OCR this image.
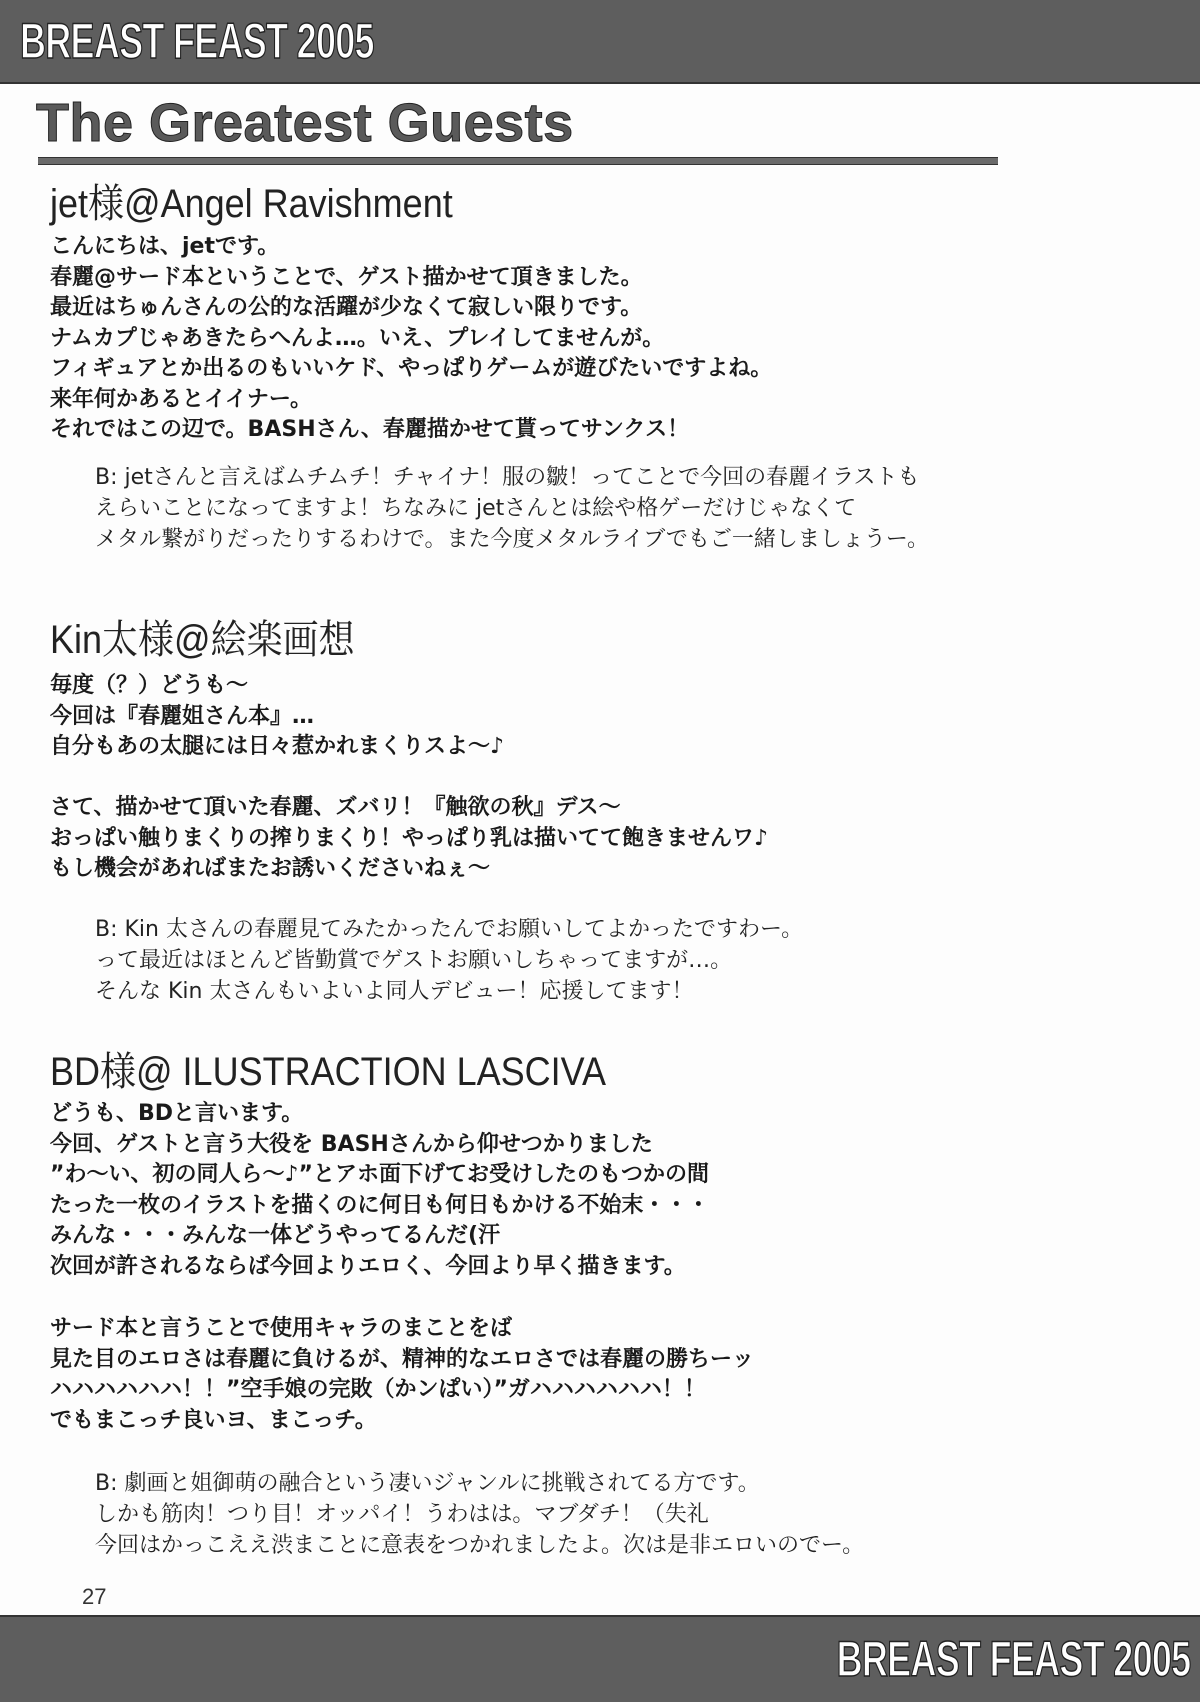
BREAST FEAST 2005
The Greatest Guests
jet様@Angel Ravishment
こんにちは、jetです。
春麗@サード本ということで、ゲスト描かせて頂きました。
最近はちゅんさんの公的な活躍が少なくて寂しい限りです。
ナムカプじゃあきたらへんよ…。いえ、プレイしてませんが。
フィギュアとか出るのもいいケド、やっぱりゲームが遊びたいですよね。
来年何かあるとイイナー。
それではこの辺で。BASHさん、春麗描かせて貰ってサンクス！
B: jetさんと言えばムチムチ！チャイナ！服の皺！ってことで今回の春麗イラストも
えらいことになってますよ！ちなみに jetさんとは絵や格ゲーだけじゃなくて
メタル繋がりだったりするわけで。また今度メタルライブでもご一緒しましょうー。
Kin太様@絵楽画想
毎度（？）どうも～
今回は『春麗姐さん本』…
自分もあの太腿には日々惹かれまくりスよ～♪
さて、描かせて頂いた春麗、ズバリ！『触欲の秋』デス～
おっぱい触りまくりの搾りまくり！やっぱり乳は描いてて飽きませんワ♪
もし機会があればまたお誘いくださいねぇ～
B: Kin 太さんの春麗見てみたかったんでお願いしてよかったですわー。
って最近はほとんど皆勤賞でゲストお願いしちゃってますが…。
そんな Kin 太さんもいよいよ同人デビュー！応援してます！
BD様@ ILUSTRACTION LASCIVA
どうも、BDと言います。
今回、ゲストと言う大役を BASHさんから仰せつかりました
”わ～い、初の同人ら～♪”とアホ面下げてお受けしたのもつかの間
たった一枚のイラストを描くのに何日も何日もかける不始末・・・
みんな・・・みんな一体どうやってるんだ(汗
次回が許されるならば今回よりエロく、今回より早く描きます。
サード本と言うことで使用キャラのまことをば
見た目のエロさは春麗に負けるが、精神的なエロさでは春麗の勝ちーッ
ハハハハハハ！！”空手娘の完敗（かンぱい）”ガハハハハハハ！！
でもまこっチ良いヨ、まこっチ。
B: 劇画と姐御萌の融合という凄いジャンルに挑戦されてる方です。
しかも筋肉！つり目！オッパイ！うわはは。マブダチ！（失礼
今回はかっこええ渋まことに意表をつかれましたよ。次は是非エロいのでー。
27
BREAST FEAST 2005
